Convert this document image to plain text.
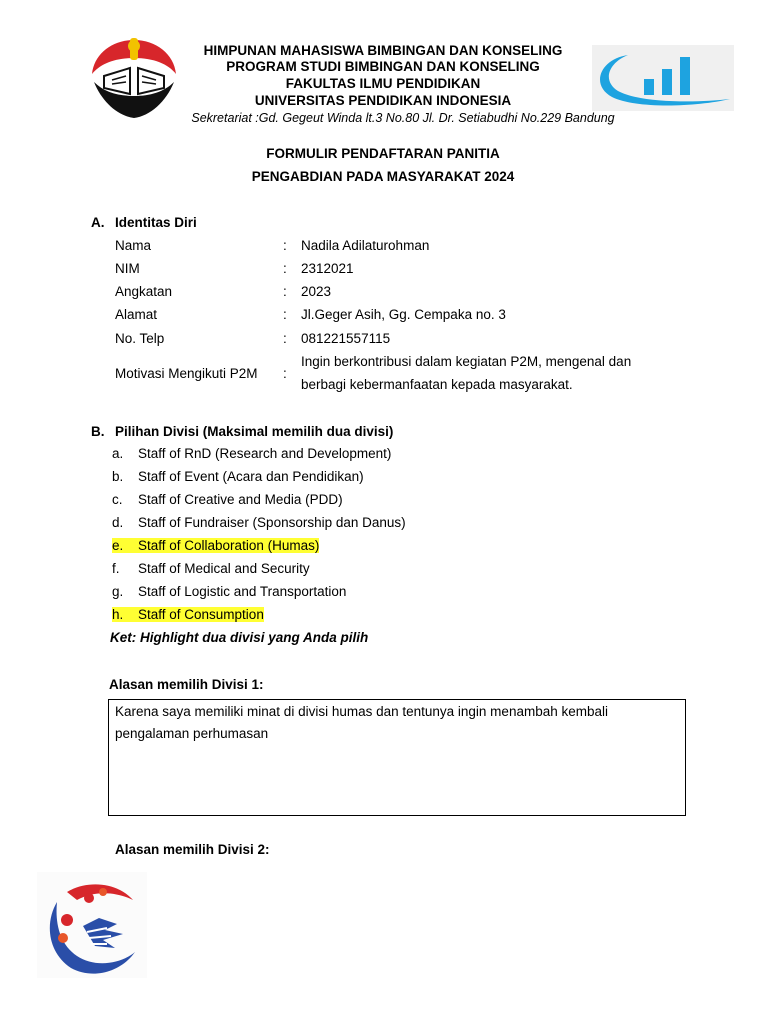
HIMPUNAN MAHASISWA BIMBINGAN DAN KONSELING
PROGRAM STUDI BIMBINGAN DAN KONSELING
FAKULTAS ILMU PENDIDIKAN
UNIVERSITAS PENDIDIKAN INDONESIA
Sekretariat :Gd. Gegeut Winda lt.3 No.80 Jl. Dr. Setiabudhi No.229 Bandung
FORMULIR PENDAFTARAN PANITIA
PENGABDIAN PADA MASYARAKAT 2024
A. Identitas Diri
Nama	: Nadila Adilaturohman
NIM	: 2312021
Angkatan	: 2023
Alamat	: Jl.Geger Asih, Gg. Cempaka no. 3
No. Telp	: 081221557115
Motivasi Mengikuti P2M :
Ingin berkontribusi dalam kegiatan P2M, mengenal dan berbagi kebermanfaatan kepada masyarakat.
B. Pilihan Divisi (Maksimal memilih dua divisi)
a. Staff of RnD (Research and Development)
b. Staff of Event (Acara dan Pendidikan)
c. Staff of Creative and Media (PDD)
d. Staff of Fundraiser (Sponsorship dan Danus)
e. Staff of Collaboration (Humas)
f. Staff of Medical and Security
g. Staff of Logistic and Transportation
h. Staff of Consumption
Ket: Highlight dua divisi yang Anda pilih
Alasan memilih Divisi 1:
Karena saya memiliki minat di divisi humas dan tentunya ingin menambah kembali pengalaman perhumasan
Alasan memilih Divisi 2:
